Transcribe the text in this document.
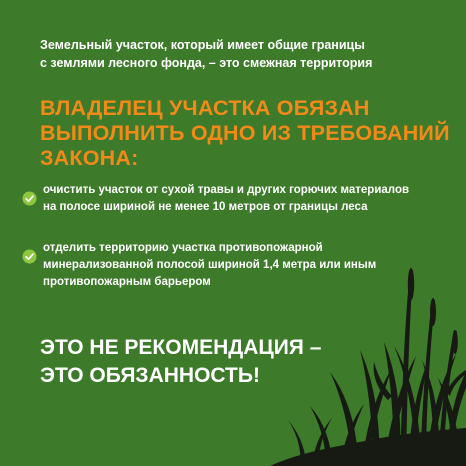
Земельный участок, который имеет общие границы
с землями лесного фонда, – это смежная территория

ВЛАДЕЛЕЦ УЧАСТКА ОБЯЗАН
ВЫПОЛНИТЬ ОДНО ИЗ ТРЕБОВАНИЙ
ЗАКОНА:

очистить участок от сухой травы и других горючих материалов
на полосе шириной не менее 10 метров от границы леса

отделить территорию участка противопожарной
минерализованной полосой шириной 1,4 метра или иным
противопожарным барьером

ЭТО НЕ РЕКОМЕНДАЦИЯ –
ЭТО ОБЯЗАННОСТЬ!
